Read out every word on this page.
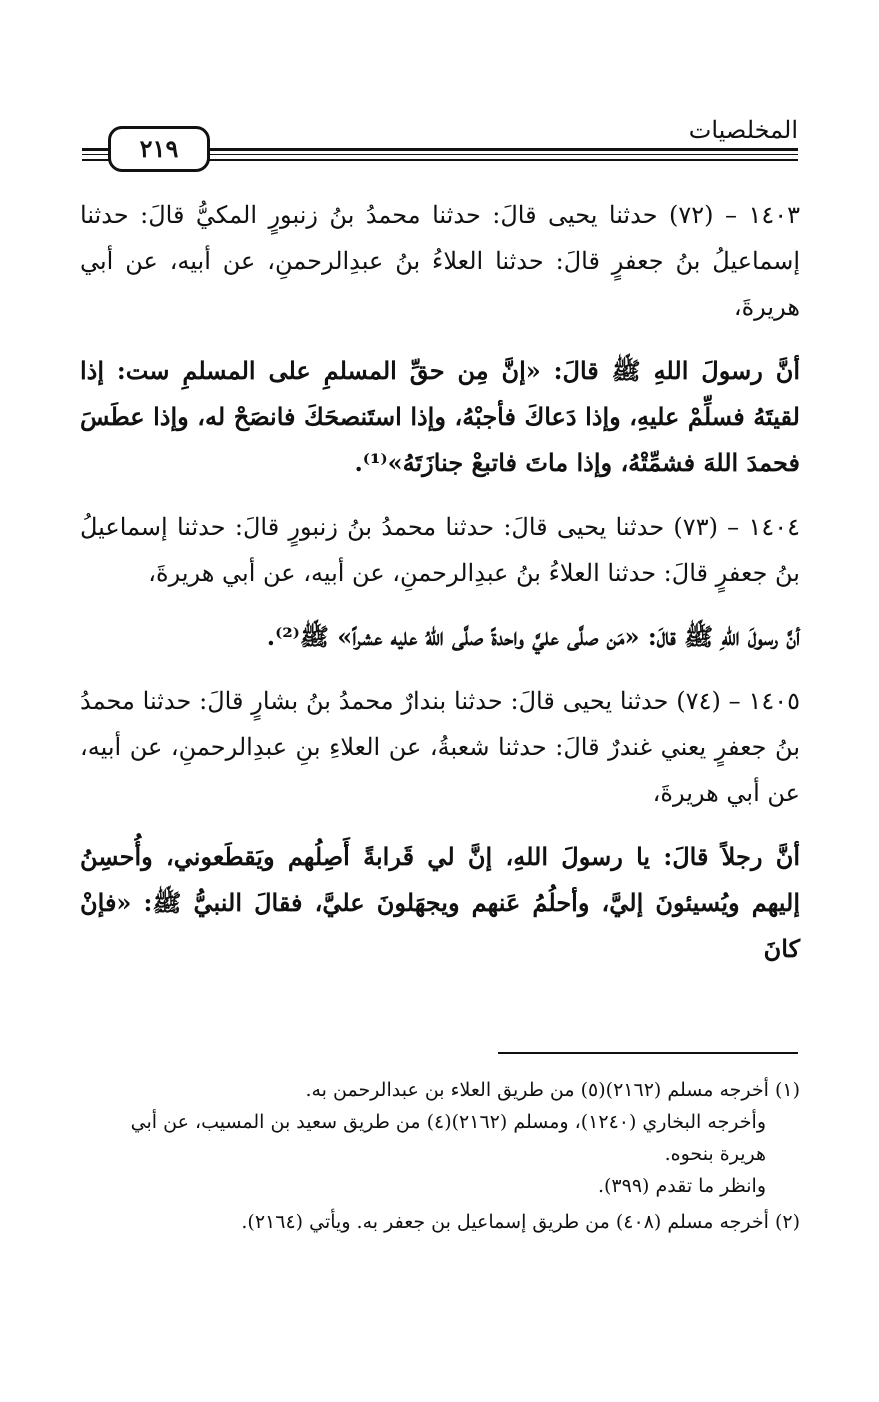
المخلصيات
٢١٩

١٤٠٣ – (٧٢) حدثنا يحيى قالَ: حدثنا محمدُ بنُ زنبورٍ المكيُّ قالَ: حدثنا إسماعيلُ بنُ جعفرٍ قالَ: حدثنا العلاءُ بنُ عبدِالرحمنِ، عن أبيه، عن أبي هريرةَ،

أنَّ رسولَ اللهِ ﷺ قالَ: «إنَّ مِن حقِّ المسلمِ على المسلمِ ست: إذا لقيتَهُ فسلِّمْ عليهِ، وإذا دَعاكَ فأجبْهُ، وإذا استَنصحَكَ فانصَحْ له، وإذا عطَسَ فحمدَ اللهَ فشمِّتْهُ، وإذا ماتَ فاتبعْ جنازَتَهُ»⁽¹⁾.

١٤٠٤ – (٧٣) حدثنا يحيى قالَ: حدثنا محمدُ بنُ زنبورٍ قالَ: حدثنا إسماعيلُ بنُ جعفرٍ قالَ: حدثنا العلاءُ بنُ عبدِالرحمنِ، عن أبيه، عن أبي هريرةَ،

أنَّ رسولَ اللهِ ﷺ قالَ: «مَن صلَّى عليَّ واحدةً صلَّى اللهُ عليه عشراً» ﷺ⁽²⁾.

١٤٠٥ – (٧٤) حدثنا يحيى قالَ: حدثنا بندارٌ محمدُ بنُ بشارٍ قالَ: حدثنا محمدُ بنُ جعفرٍ يعني غندرٌ قالَ: حدثنا شعبةُ، عن العلاءِ بنِ عبدِالرحمنِ، عن أبيه، عن أبي هريرةَ،

أنَّ رجلاً قالَ: يا رسولَ اللهِ، إنَّ لي قَرابةً أَصِلُهم ويَقطَعوني، وأُحسِنُ إليهم ويُسيئونَ إليَّ، وأحلُمُ عَنهم ويجهَلونَ عليَّ، فقالَ النبيُّ ﷺ: «فإنْ كانَ

(١) أخرجه مسلم (٢١٦٢)(٥) من طريق العلاء بن عبدالرحمن به.

وأخرجه البخاري (١٢٤٠)، ومسلم (٢١٦٢)(٤) من طريق سعيد بن المسيب، عن أبي هريرة بنحوه.

وانظر ما تقدم (٣٩٩).

(٢) أخرجه مسلم (٤٠٨) من طريق إسماعيل بن جعفر به. ويأتي (٢١٦٤).
